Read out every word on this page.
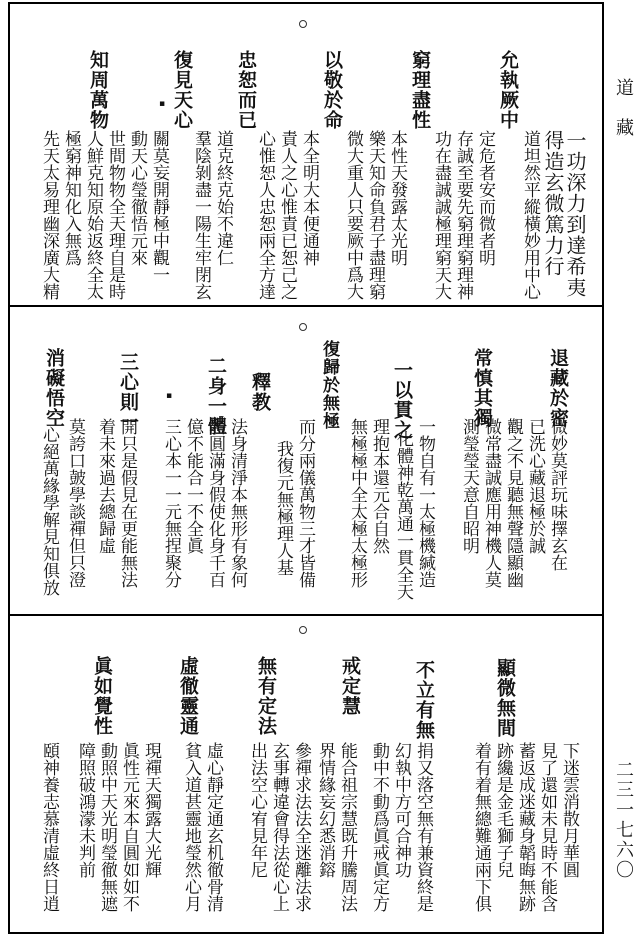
道
藏
二三一七六〇
允執厥中
得造玄微篤力行
道坦然平縱橫妙用中心
定危者安而微者明
存誠至要先窮理窮理神
窮理盡性
功在盡誠誠極理窮天大
本性天發露太光明
樂天知命負君子盡理窮
以敬於命
微大重人只要厥中爲大
本全明大本便通神
責人之心惟責已恕己之
忠恕而已
心惟恕人忠恕兩全方達
道克終克始不違仁
復見天心
羣陰剝盡一陽生牢閉玄
關莫妄開靜極中觀一
動天心瑩徹悟元來
世間物物全天理自是時
知周萬物
人鮮克知原始返終全太
極窮神知化入無爲
先天太易理幽深廣大精	一功深力到達希夷
▪︎
退藏於密
微妙莫評玩味擇玄在
已洗心藏退極於誠
觀之不見聽無聲隱顯幽
微常盡誠應用神機人莫
測瑩瑩天意自昭明
常慎其獨
一物自有一太極機緘造
一以貫之
化體神乾萬通一貫全天
理抱本還元合自然
無極極中全太極太極形
復歸於無極
而分兩儀萬物三才皆備
我復元無極理人基
釋教
法身清淨本無形有象何
名圓滿身假使化身千百
二身一體
億不能合一不全眞
三心本一一元無捏聚分
三心則一
開只是假見在更能無法
着未來過去總歸虛
莫誇口皷學談禪但只澄
消礙悟空
心絕萬緣學解見知俱放
▪︎
顯微無間
下迷雲消散月華圓
見了還如未見時不能含
蓄返成迷藏身韜晦無跡
跡纔是金毛獅子兒
着有着無總難通兩下俱
不立有無
捐又落空無有兼資終是
幻執中方可合神功
動中不動爲眞戒眞定方
戒定慧
能合祖宗慧既升騰周法
界情緣妄幻悉消鎔
參禪求法法全迷離法求
無有定法
玄事轉違會得法從心上
出法空心宥見年尼
虛心靜定通玄机徹骨清
虛徹靈通
貧入道甚靈地瑩然心月
現禪天獨露大光輝
眞性元來本自圓如如不
眞如覺性
動照中天光明瑩徹無遮
障照破鴻濛未判前
頤神養志慕清虛終日逍
